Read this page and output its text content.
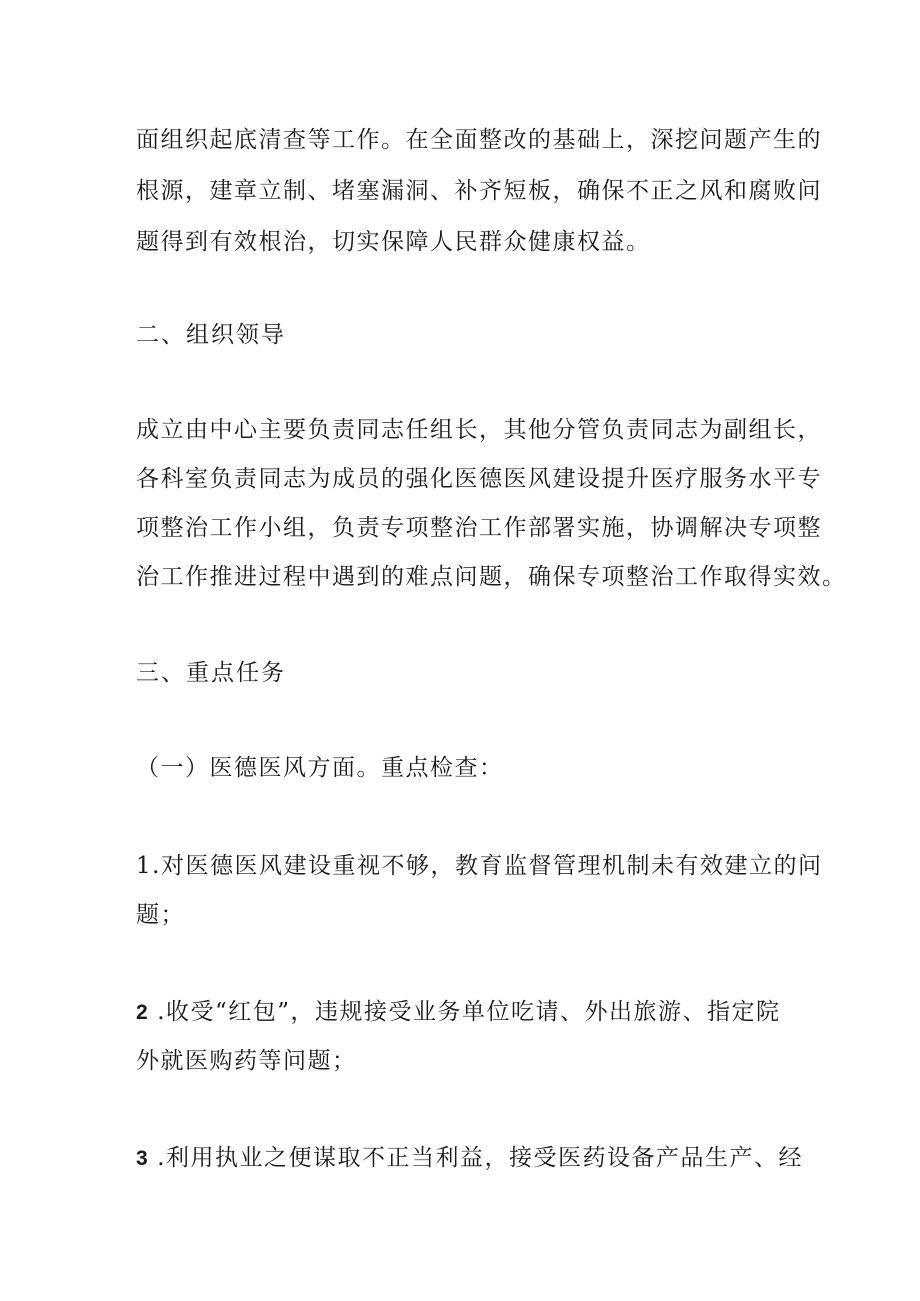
面组织起底清查等工作。在全面整改的基础上，深挖问题产生的
根源，建章立制、堵塞漏洞、补齐短板，确保不正之风和腐败问
题得到有效根治，切实保障人民群众健康权益。
二、组织领导
成立由中心主要负责同志任组长，其他分管负责同志为副组长，
各科室负责同志为成员的强化医德医风建设提升医疗服务水平专
项整治工作小组，负责专项整治工作部署实施，协调解决专项整
治工作推进过程中遇到的难点问题，确保专项整治工作取得实效。
三、重点任务
（一）医德医风方面。重点检查：
1.对医德医风建设重视不够，教育监督管理机制未有效建立的问
题；
2 .收受“红包”，违规接受业务单位吃请、外出旅游、指定院
外就医购药等问题；
3 .利用执业之便谋取不正当利益，接受医药设备产品生产、经
